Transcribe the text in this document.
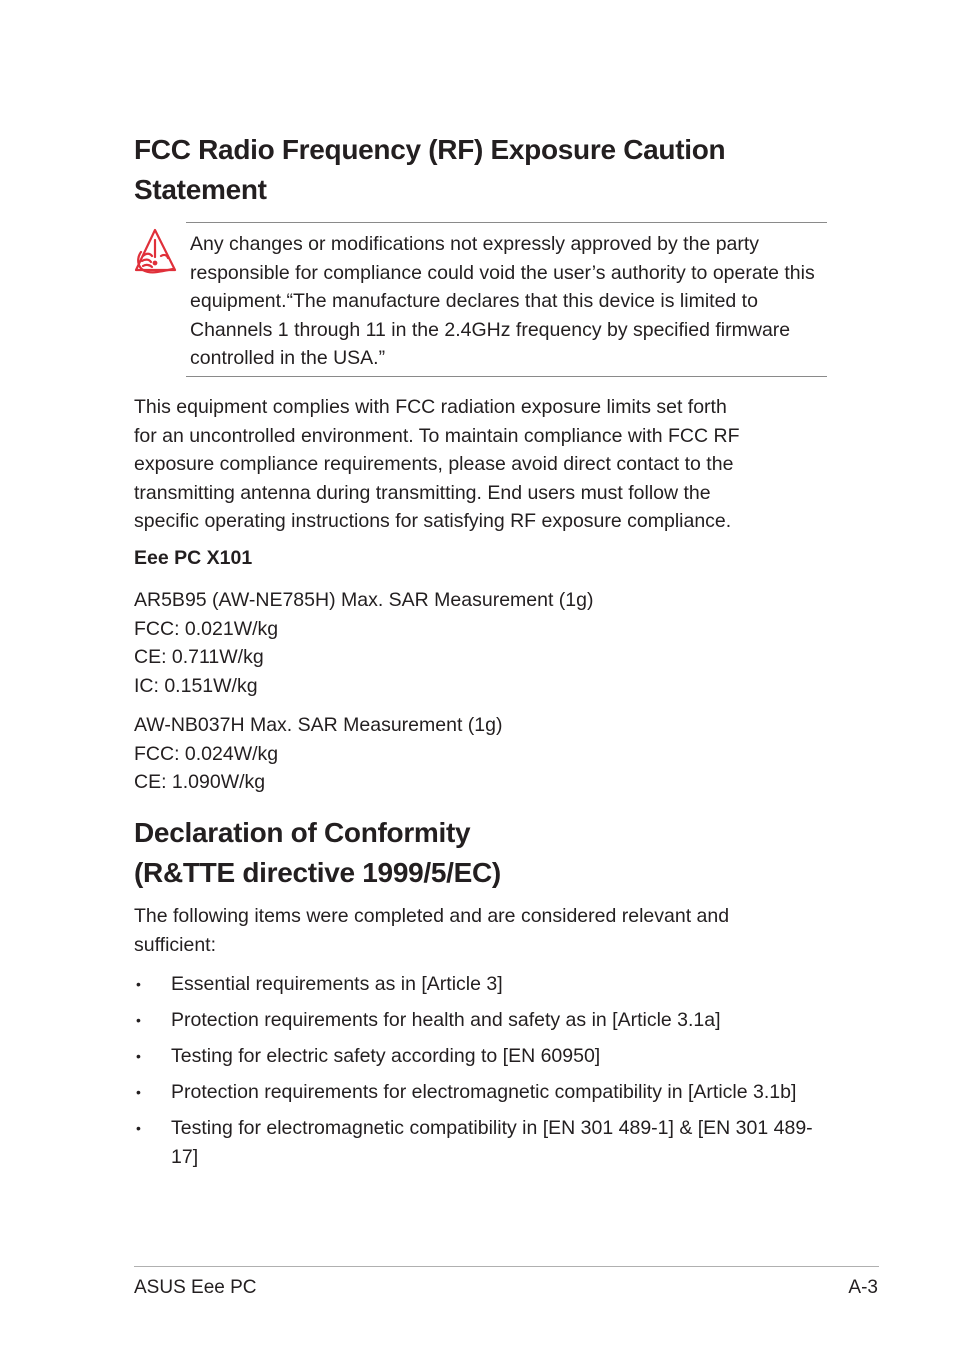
FCC Radio Frequency (RF) Exposure Caution
Statement
Any changes or modifications not expressly approved by the party responsible for compliance could void the user’s authority to operate this equipment.“The manufacture declares that this device is limited to Channels 1 through 11 in the 2.4GHz frequency by specified firmware controlled in the USA.”

This equipment complies with FCC radiation exposure limits set forth
for an uncontrolled environment. To maintain compliance with FCC RF
exposure compliance requirements, please avoid direct contact to the
transmitting antenna during transmitting. End users must follow the
specific operating instructions for satisfying RF exposure compliance.

Eee PC X101

AR5B95 (AW-NE785H) Max. SAR Measurement (1g)
FCC: 0.021W/kg
CE: 0.711W/kg
IC: 0.151W/kg

AW-NB037H Max. SAR Measurement (1g)
FCC: 0.024W/kg
CE: 1.090W/kg

Declaration of Conformity
(R&TTE directive 1999/5/EC)

The following items were completed and are considered relevant and
sufficient:

• Essential requirements as in [Article 3]
• Protection requirements for health and safety as in [Article 3.1a]
• Testing for electric safety according to [EN 60950]
• Protection requirements for electromagnetic compatibility in [Article 3.1b]
• Testing for electromagnetic compatibility in [EN 301 489-1] & [EN 301 489-17]
ASUS Eee PC	A-3
